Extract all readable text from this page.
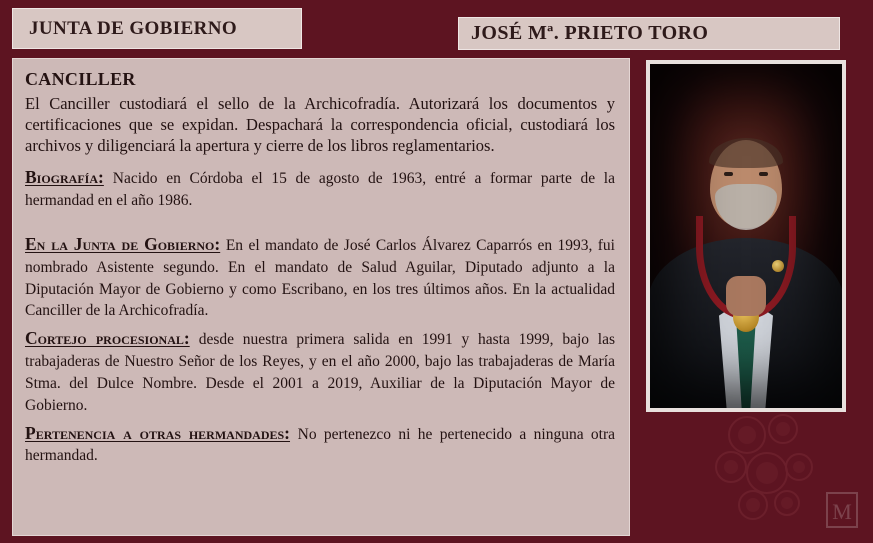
M
JUNTA DE GOBIERNO	JOSÉ Mª. PRIETO TORO
CANCILLER

El Canciller custodiará el sello de la Archicofradía. Autorizará los documentos y certificaciones que se expidan. Despachará la correspondencia oficial, custodiará los archivos y diligenciará la apertura y cierre de los libros reglamentarios.

Biografía: Nacido en Córdoba el 15 de agosto de 1963, entré a formar parte de la hermandad en el año 1986.

En la Junta de Gobierno: En el mandato de José Carlos Álvarez Caparrós en 1993, fui nombrado Asistente segundo. En el mandato de Salud Aguilar, Diputado adjunto a la Diputación Mayor de Gobierno y como Escribano, en los tres últimos años. En la actualidad Canciller de la Archicofradía.

Cortejo procesional: desde nuestra primera salida en 1991 y hasta 1999, bajo las trabajaderas de Nuestro Señor de los Reyes, y en el año 2000, bajo las trabajaderas de María Stma. del Dulce Nombre. Desde el 2001 a 2019, Auxiliar de la Diputación Mayor de Gobierno.

Pertenencia a otras hermandades: No pertenezco ni he pertenecido a ninguna otra hermandad.
